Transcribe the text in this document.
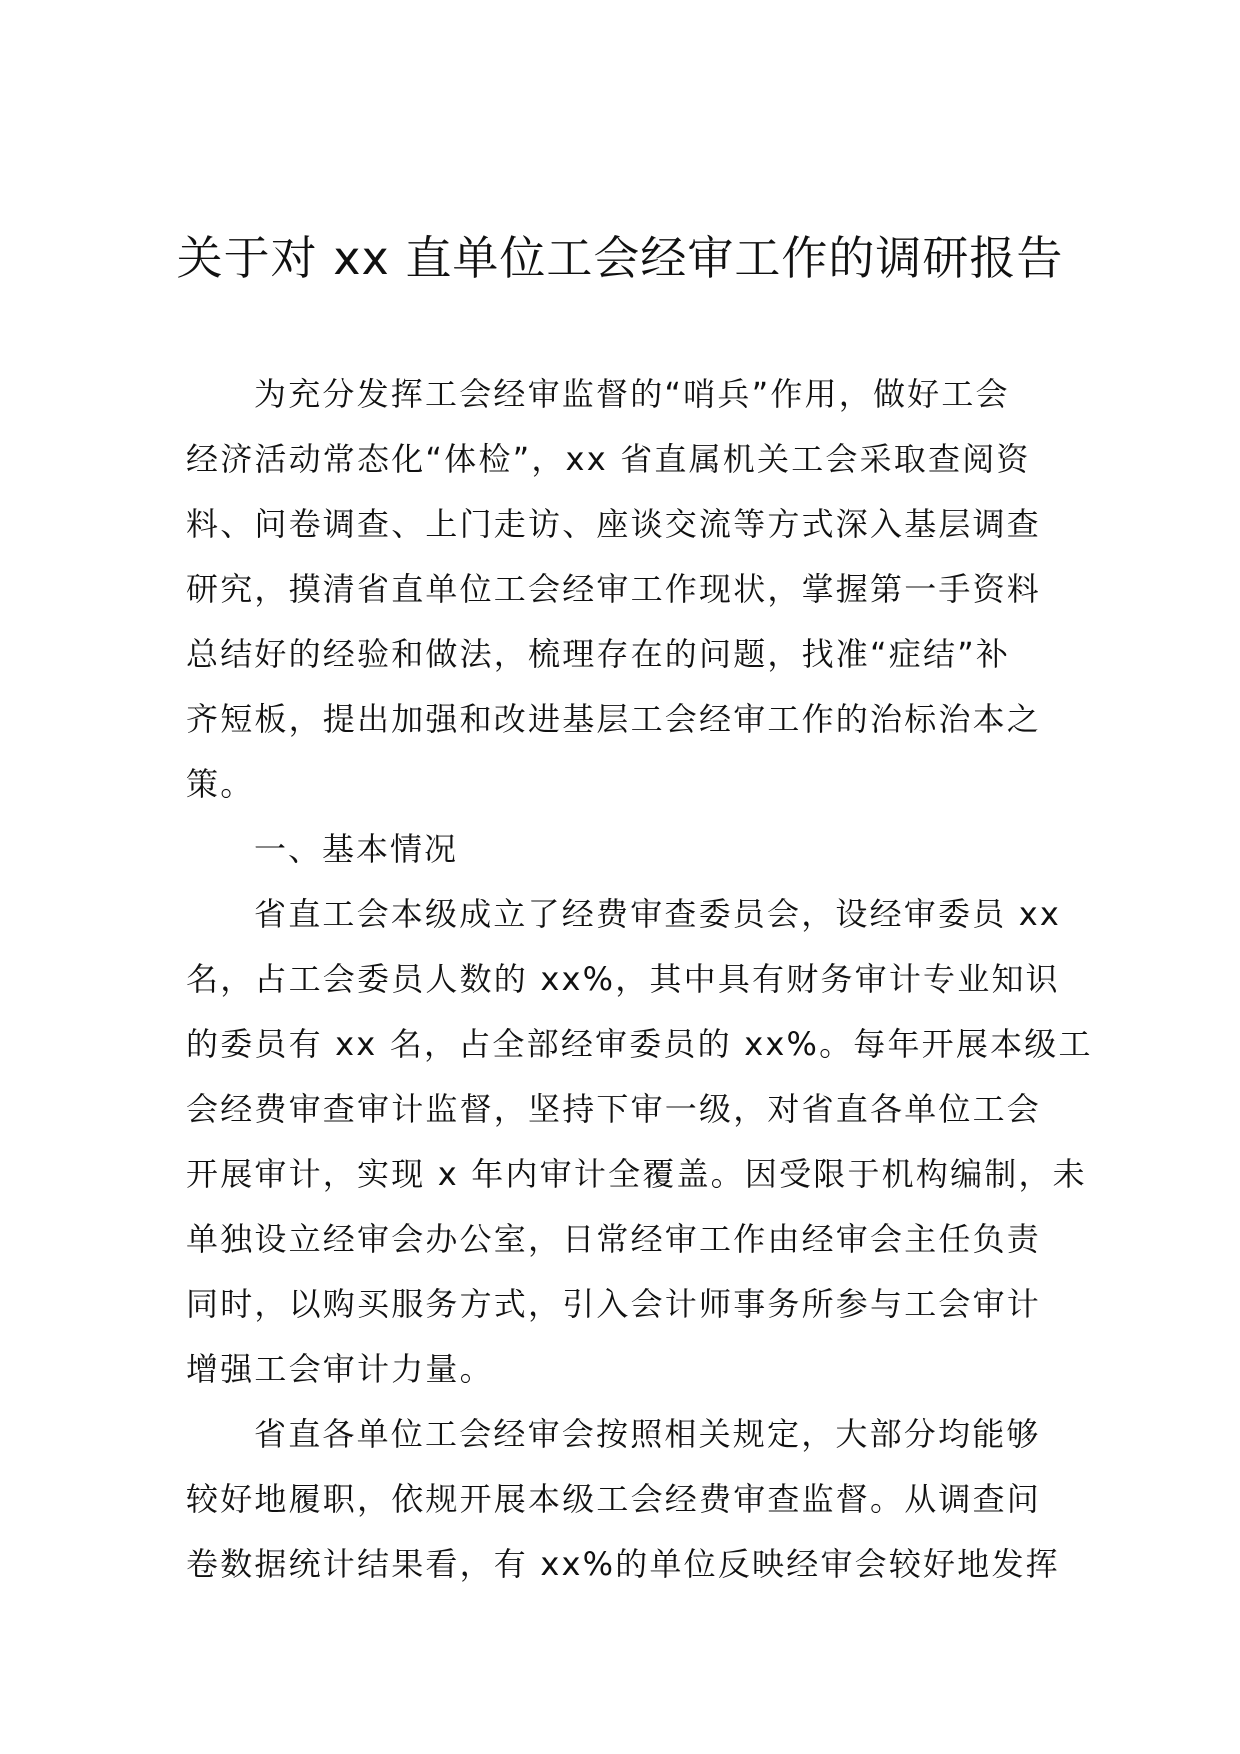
关于对 xx 直单位工会经审工作的调研报告
为充分发挥工会经审监督的“哨兵”作用，做好工会
经济活动常态化“体检”，xx 省直属机关工会采取查阅资
料、问卷调查、上门走访、座谈交流等方式深入基层调查
研究，摸清省直单位工会经审工作现状，掌握第一手资料
总结好的经验和做法，梳理存在的问题，找准“症结”补
齐短板，提出加强和改进基层工会经审工作的治标治本之
策。
一、基本情况
省直工会本级成立了经费审查委员会，设经审委员 xx
名，占工会委员人数的 xx%，其中具有财务审计专业知识
的委员有 xx 名，占全部经审委员的 xx%。每年开展本级工
会经费审查审计监督，坚持下审一级，对省直各单位工会
开展审计，实现 x 年内审计全覆盖。因受限于机构编制，未
单独设立经审会办公室，日常经审工作由经审会主任负责
同时，以购买服务方式，引入会计师事务所参与工会审计
增强工会审计力量。
省直各单位工会经审会按照相关规定，大部分均能够
较好地履职，依规开展本级工会经费审查监督。从调查问
卷数据统计结果看，有 xx%的单位反映经审会较好地发挥
